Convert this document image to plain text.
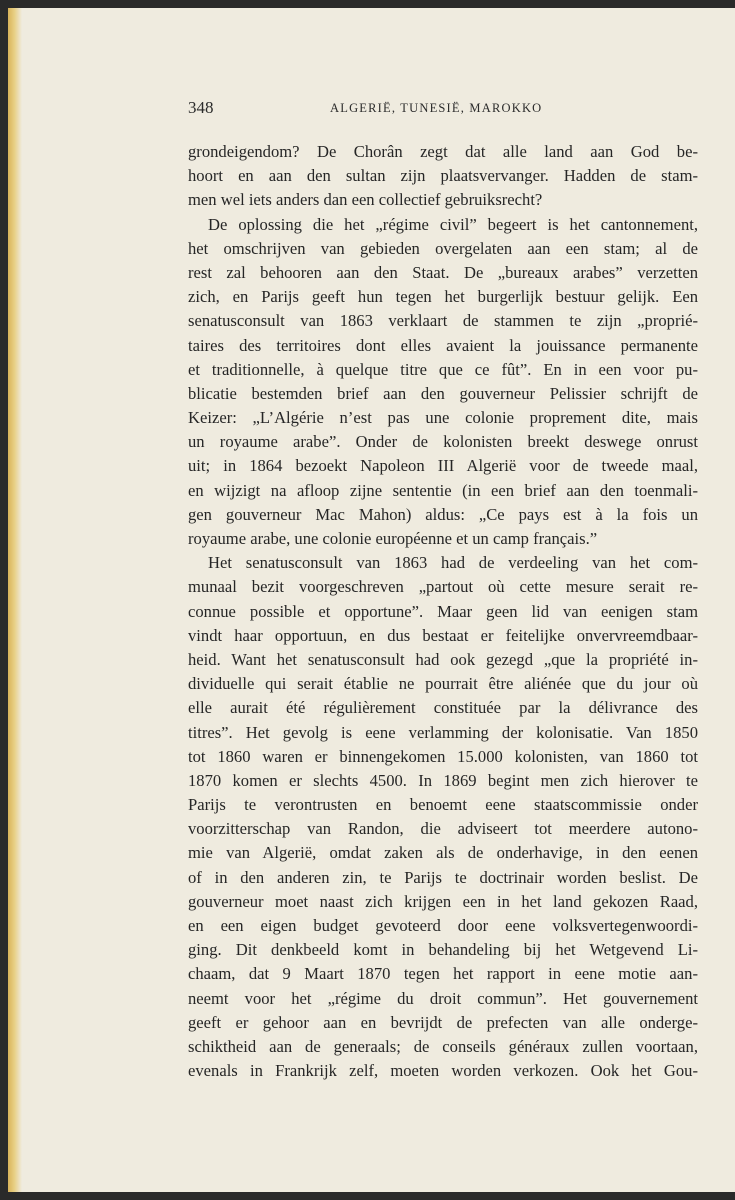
348	ALGERIË, TUNESIË, MAROKKO
grondeigendom? De Chorân zegt dat alle land aan God be-
hoort en aan den sultan zijn plaatsvervanger. Hadden de stam-
men wel iets anders dan een collectief gebruiksrecht?
De oplossing die het „régime civil” begeert is het cantonnement,
het omschrijven van gebieden overgelaten aan een stam; al de
rest zal behooren aan den Staat. De „bureaux arabes” verzetten
zich, en Parijs geeft hun tegen het burgerlijk bestuur gelijk. Een
senatusconsult van 1863 verklaart de stammen te zijn „proprié-
taires des territoires dont elles avaient la jouissance permanente
et traditionnelle, à quelque titre que ce fût”. En in een voor pu-
blicatie bestemden brief aan den gouverneur Pelissier schrijft de
Keizer: „L’Algérie n’est pas une colonie proprement dite, mais
un royaume arabe”. Onder de kolonisten breekt deswege onrust
uit; in 1864 bezoekt Napoleon III Algerië voor de tweede maal,
en wijzigt na afloop zijne sententie (in een brief aan den toenmali-
gen gouverneur Mac Mahon) aldus: „Ce pays est à la fois un
royaume arabe, une colonie européenne et un camp français.”
Het senatusconsult van 1863 had de verdeeling van het com-
munaal bezit voorgeschreven „partout où cette mesure serait re-
connue possible et opportune”. Maar geen lid van eenigen stam
vindt haar opportuun, en dus bestaat er feitelijke onvervreemdbaar-
heid. Want het senatusconsult had ook gezegd „que la propriété in-
dividuelle qui serait établie ne pourrait être aliénée que du jour où
elle aurait été régulièrement constituée par la délivrance des
titres”. Het gevolg is eene verlamming der kolonisatie. Van 1850
tot 1860 waren er binnengekomen 15.000 kolonisten, van 1860 tot
1870 komen er slechts 4500. In 1869 begint men zich hierover te
Parijs te verontrusten en benoemt eene staatscommissie onder
voorzitterschap van Randon, die adviseert tot meerdere autono-
mie van Algerië, omdat zaken als de onderhavige, in den eenen
of in den anderen zin, te Parijs te doctrinair worden beslist. De
gouverneur moet naast zich krijgen een in het land gekozen Raad,
en een eigen budget gevoteerd door eene volksvertegenwoordi-
ging. Dit denkbeeld komt in behandeling bij het Wetgevend Li-
chaam, dat 9 Maart 1870 tegen het rapport in eene motie aan-
neemt voor het „régime du droit commun”. Het gouvernement
geeft er gehoor aan en bevrijdt de prefecten van alle onderge-
schiktheid aan de generaals; de conseils généraux zullen voortaan,
evenals in Frankrijk zelf, moeten worden verkozen. Ook het Gou-
